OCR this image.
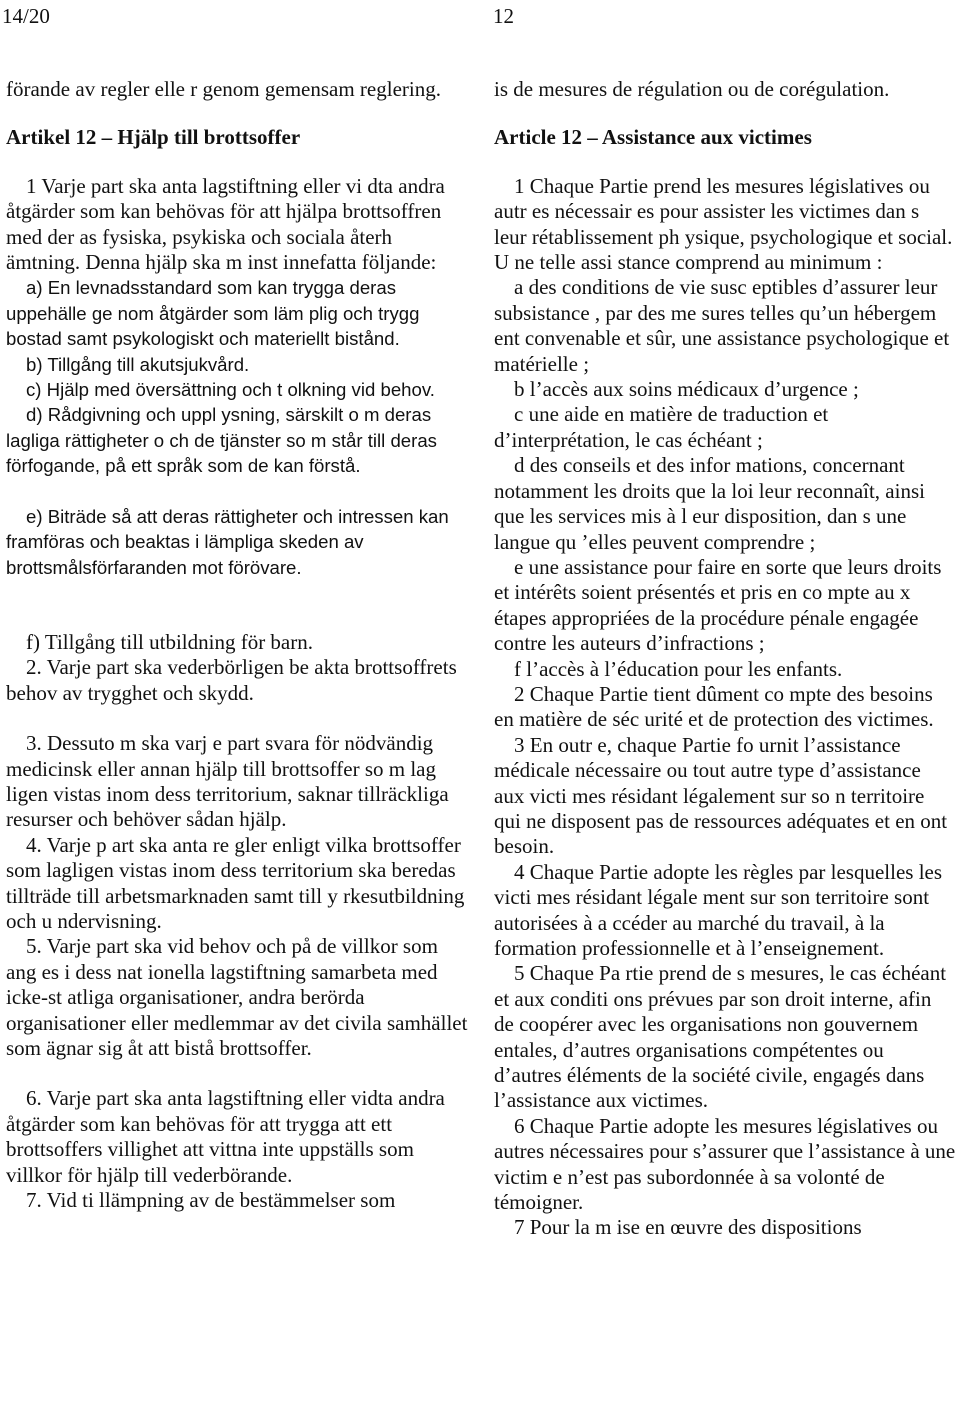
14/20	12

förande av regler elle r genom gemensam reglering.

Artikel 12 – Hjälp till brottsoffer

1 Varje part ska anta lagstiftning eller vi dta andra åtgärder som kan behövas för att hjälpa brottsoffren med der as fysiska, psykiska och sociala återh ämtning. Denna hjälp ska m inst innefatta följande:

a) En levnadsstandard som kan trygga deras uppehälle ge nom åtgärder som läm plig och trygg bostad samt psykologiskt och materiellt bistånd.

b) Tillgång till akutsjukvård.

c) Hjälp med översättning och t olkning vid behov.

d) Rådgivning och uppl ysning, särskilt o m deras lagliga rättigheter o ch de tjänster so m står till deras förfogande, på ett språk som de kan förstå.

e) Biträde så att deras rättigheter och intressen kan framföras och beaktas i lämpliga skeden av brottsmålsförfaranden mot förövare.

f) Tillgång till utbildning för barn.

2. Varje part ska vederbörligen be akta brottsoffrets behov av trygghet och skydd.

3. Dessuto m ska varj e part svara för nödvändig medicinsk eller annan hjälp till brottsoffer so m lag ligen vistas inom dess territorium, saknar tillräckliga resurser och behöver sådan hjälp.

4. Varje p art ska anta re gler enligt vilka brottsoffer som lagligen vistas inom dess territorium ska beredas tillträde till arbetsmarknaden samt till y rkesutbildning och u ndervisning.

5. Varje part ska vid behov och på de villkor som ang es i dess nat ionella lagstiftning samarbeta med icke-st atliga organisationer, andra berörda organisationer eller medlemmar av det civila samhället som ägnar sig åt att bistå brottsoffer.

6. Varje part ska anta lagstiftning eller vidta andra åtgärder som kan behövas för att trygga att ett brottsoffers villighet att vittna inte uppställs som villkor för hjälp till vederbörande.

7. Vid ti llämpning av de bestämmelser som

is de mesures de régulation ou de corégulation.

Article 12 – Assistance aux victimes

1 Chaque Partie prend les mesures législatives ou autr es nécessair es pour assister les victimes dan s leur rétablissement ph ysique, psychologique et social. U ne telle assi stance comprend au minimum :

a des conditions de vie susc eptibles d’assurer leur subsistance , par des me sures telles qu’un hébergem ent convenable et sûr, une assistance psychologique et matérielle ;

b l’accès aux soins médicaux d’urgence ;

c une aide en matière de traduction et d’interprétation, le cas échéant ;

d des conseils et des infor mations, concernant notamment les droits que la loi leur reconnaît, ainsi que les services mis à l eur disposition, dan s une langue qu ’elles peuvent comprendre ;

e une assistance pour faire en sorte que leurs droits et intérêts soient présentés et pris en co mpte au x étapes appropriées de la procédure pénale engagée contre les auteurs d’infractions ;

f l’accès à l’éducation pour les enfants.

2 Chaque Partie tient dûment co mpte des besoins en matière de séc urité et de protection des victimes.

3 En outr e, chaque Partie fo urnit l’assistance médicale nécessaire ou tout autre type d’assistance aux victi mes résidant légalement sur so n territoire qui ne disposent pas de ressources adéquates et en ont besoin.

4 Chaque Partie adopte les règles par lesquelles les victi mes résidant légale ment sur son territoire sont autorisées à a ccéder au marché du travail, à la formation professionnelle et à l’enseignement.

5 Chaque Pa rtie prend de s mesures, le cas échéant et aux conditi ons prévues par son droit interne, afin de coopérer avec les organisations non gouvernem entales, d’autres organisations compétentes ou d’autres éléments de la société civile, engagés dans l’assistance aux victimes.

6 Chaque Partie adopte les mesures législatives ou autres nécessaires pour s’assurer que l’assistance à une victim e n’est pas subordonnée à sa volonté de témoigner.

7 Pour la m ise en œuvre des dispositions
